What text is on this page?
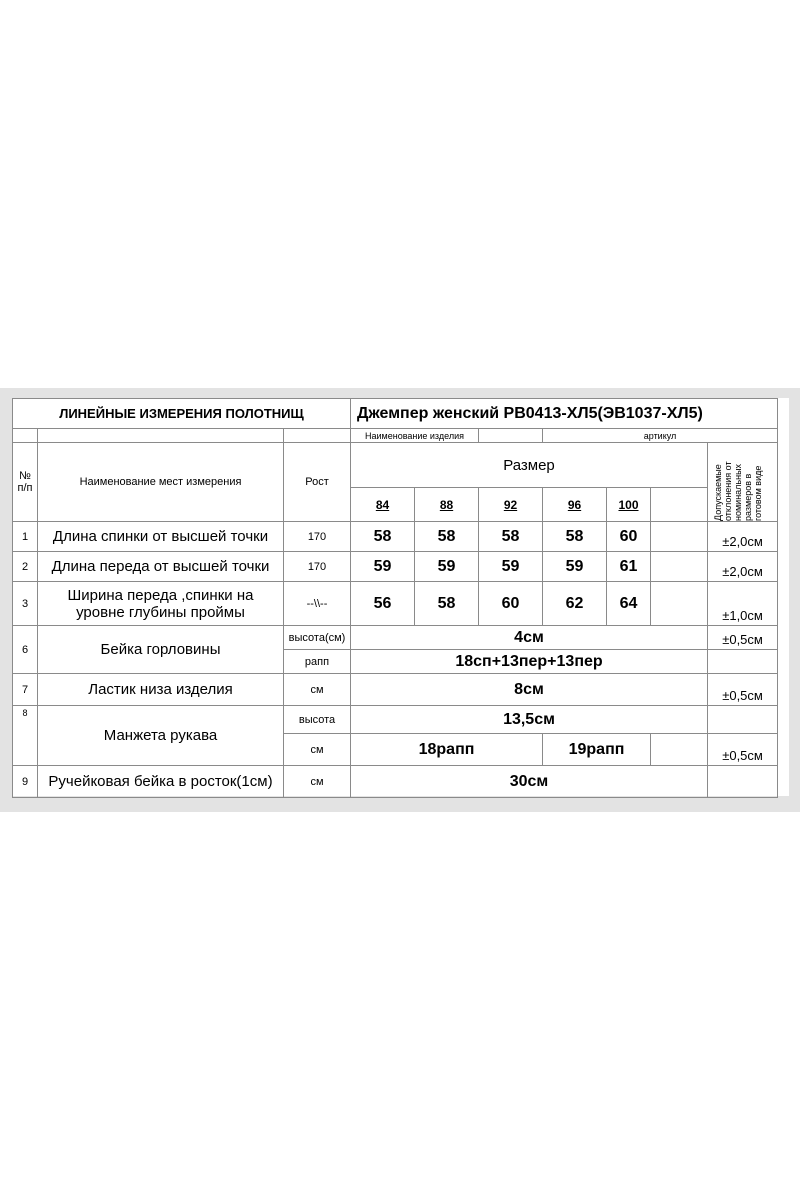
ЛИНЕЙНЫЕ ИЗМЕРЕНИЯ ПОЛОТНИЩ			Джемпер женский РВ0413-ХЛ5(ЭВ1037-ХЛ5)						
			Наименование изделия			артикул			
№
п/п	Наименование мест измерения	Рост	Размер						Допускаемые отклонения от номинальных размеров в готовом виде

			84	88	92	96	100		
1	Длина спинки от высшей точки	170	58	58	58	58	60		±2,0см
2	Длина переда от высшей точки	170	59	59	59	59	61		±2,0см
3	Ширина переда ,спинки на
уровне глубины проймы	--\\--	56	58	60	62	64		±1,0см
6	Бейка горловины	высота(см)	4см						±0,5см
		рапп	18сп+13пер+13пер						
7	Ластик низа изделия	см	8см						±0,5см
8	Манжета рукава	высота	13,5см						
		см	18рапп			19рапп			±0,5см
9	Ручейковая бейка в росток(1см)	см	30см						
